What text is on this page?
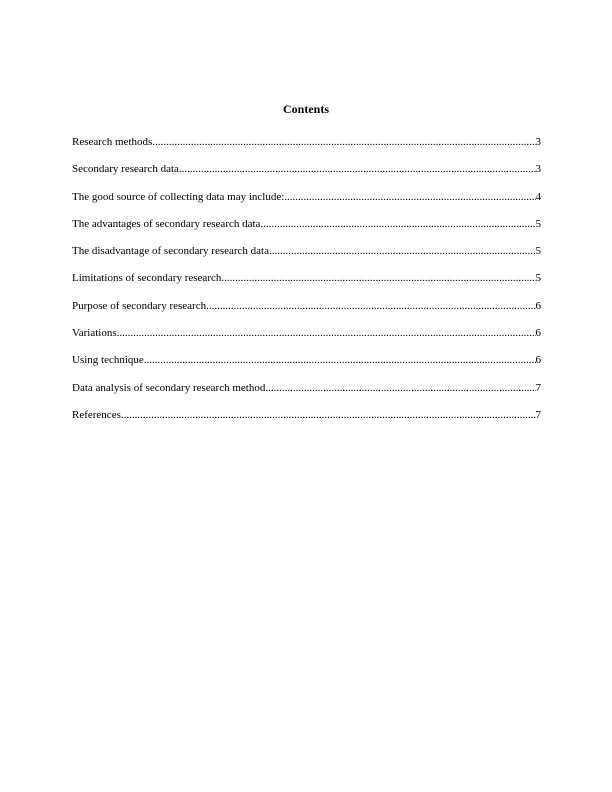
Contents
Research methods .....	3
Secondary research data .....	3
The good source of collecting data may include: .....	4
The advantages of secondary research data .....	5
The disadvantage of secondary research data .....	5
Limitations of secondary research .....	5
Purpose of secondary research .....	6
Variations .....	6
Using technique .....	6
Data analysis of secondary research method .....	7
References .....	7
